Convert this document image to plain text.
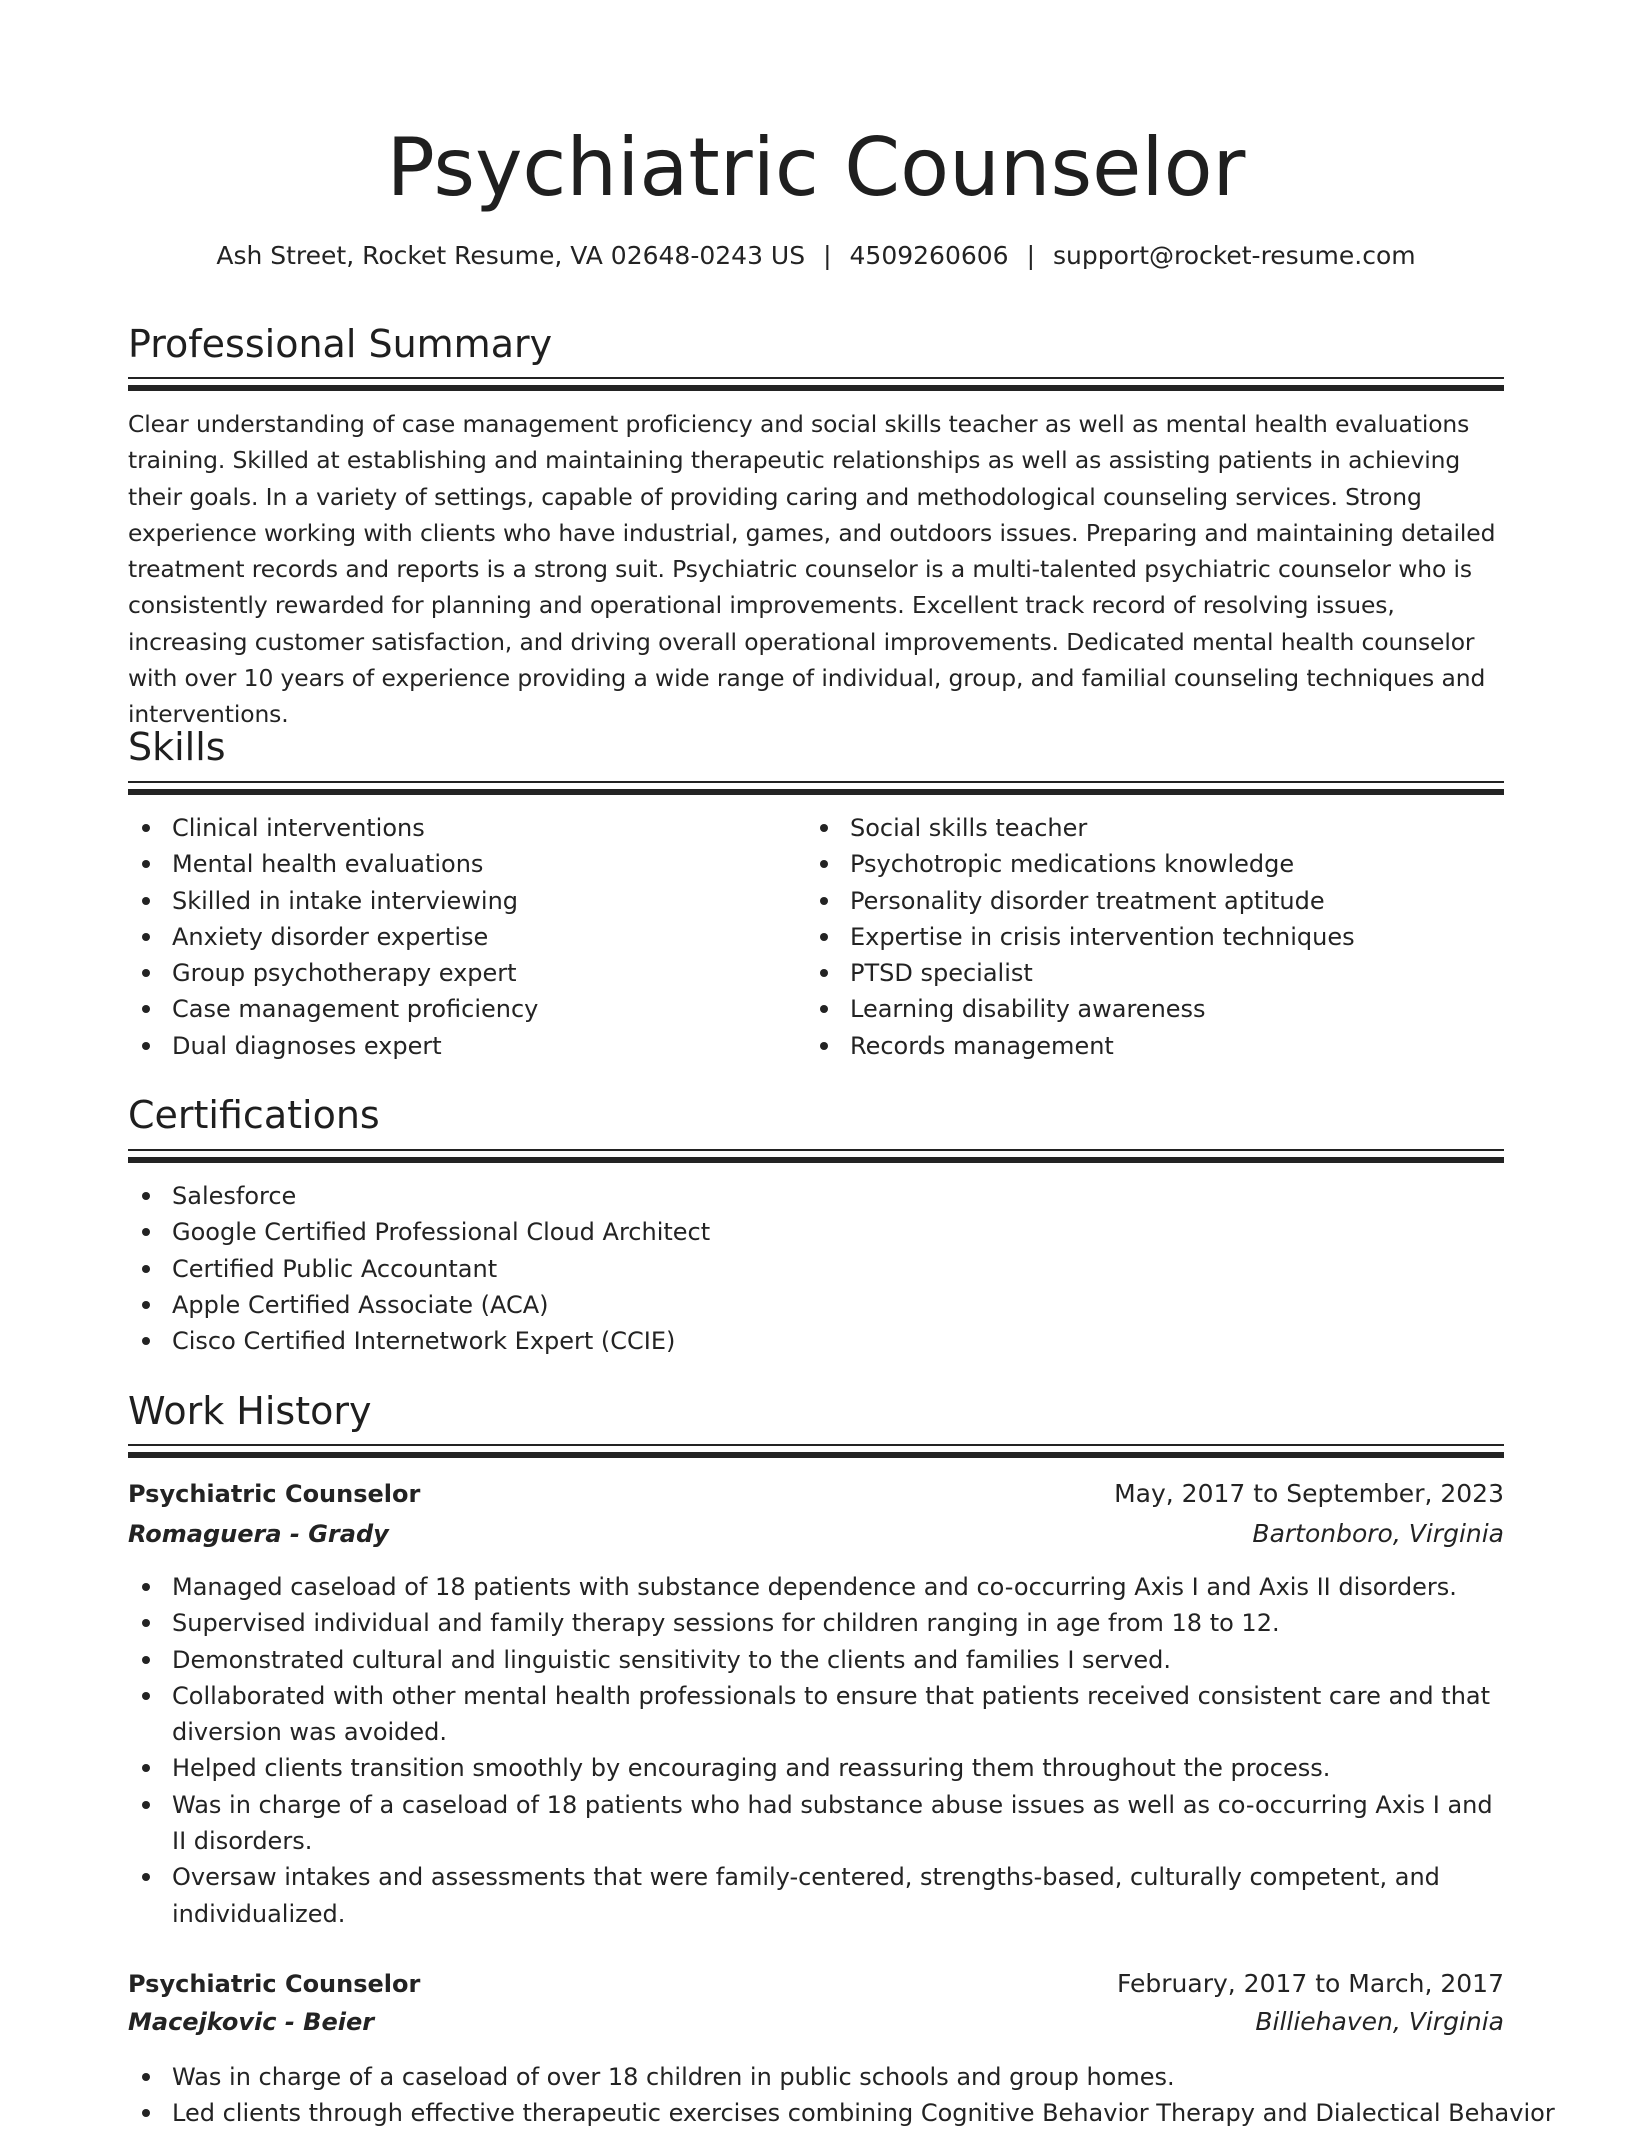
Psychiatric Counselor
Ash Street, Rocket Resume, VA 02648-0243 US | 4509260606 | support@rocket-resume.com
Professional Summary

Clear understanding of case management proficiency and social skills teacher as well as mental health evaluations training. Skilled at establishing and maintaining therapeutic relationships as well as assisting patients in achieving their goals. In a variety of settings, capable of providing caring and methodological counseling services. Strong experience working with clients who have industrial, games, and outdoors issues. Preparing and maintaining detailed treatment records and reports is a strong suit. Psychiatric counselor is a multi-talented psychiatric counselor who is consistently rewarded for planning and operational improvements. Excellent track record of resolving issues, increasing customer satisfaction, and driving overall operational improvements. Dedicated mental health counselor with over 10 years of experience providing a wide range of individual, group, and familial counseling techniques and interventions.

Skills
Clinical interventions
Mental health evaluations
Skilled in intake interviewing
Anxiety disorder expertise
Group psychotherapy expert
Case management proficiency
Dual diagnoses expert
Social skills teacher
Psychotropic medications knowledge
Personality disorder treatment aptitude
Expertise in crisis intervention techniques
PTSD specialist
Learning disability awareness
Records management
Certifications
Salesforce
Google Certified Professional Cloud Architect
Certified Public Accountant
Apple Certified Associate (ACA)
Cisco Certified Internetwork Expert (CCIE)
Work History
Psychiatric Counselor	May, 2017 to September, 2023
Romaguera - Grady	Bartonboro, Virginia
Managed caseload of 18 patients with substance dependence and co-occurring Axis I and Axis II disorders.
Supervised individual and family therapy sessions for children ranging in age from 18 to 12.
Demonstrated cultural and linguistic sensitivity to the clients and families I served.
Collaborated with other mental health professionals to ensure that patients received consistent care and that diversion was avoided.
Helped clients transition smoothly by encouraging and reassuring them throughout the process.
Was in charge of a caseload of 18 patients who had substance abuse issues as well as co-occurring Axis I and II disorders.
Oversaw intakes and assessments that were family-centered, strengths-based, culturally competent, and individualized.
Psychiatric Counselor	February, 2017 to March, 2017
Macejkovic - Beier	Billiehaven, Virginia
Was in charge of a caseload of over 18 children in public schools and group homes.
Led clients through effective therapeutic exercises combining Cognitive Behavior Therapy and Dialectical Behavior
